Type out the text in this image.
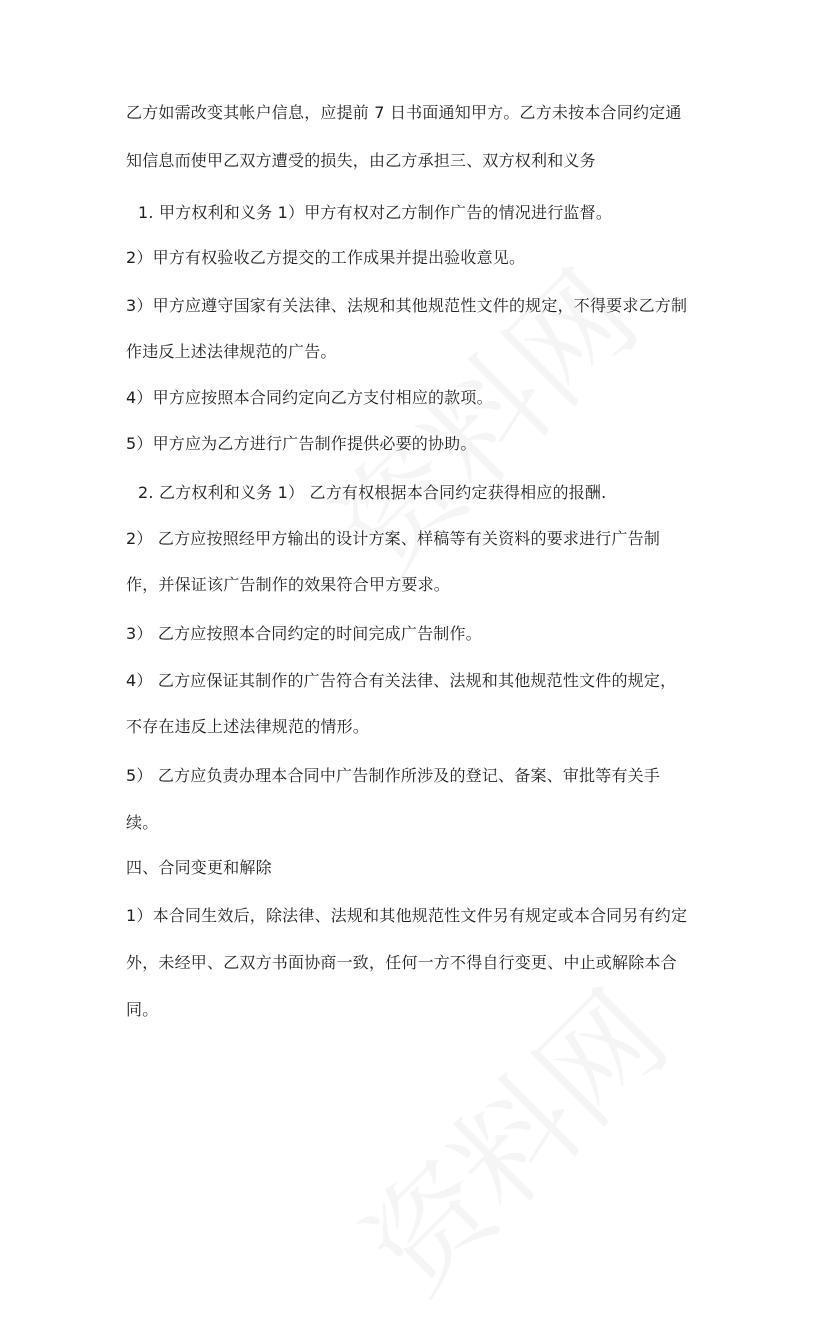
乙方如需改变其帐户信息，应提前 7 日书面通知甲方。乙方未按本合同约定通
知信息而使甲乙双方遭受的损失，由乙方承担三、双方权利和义务
1. 甲方权利和义务 1）甲方有权对乙方制作广告的情况进行监督。
2）甲方有权验收乙方提交的工作成果并提出验收意见。
3）甲方应遵守国家有关法律、法规和其他规范性文件的规定，不得要求乙方制
作违反上述法律规范的广告。
4）甲方应按照本合同约定向乙方支付相应的款项。
5）甲方应为乙方进行广告制作提供必要的协助。
2. 乙方权利和义务 1） 乙方有权根据本合同约定获得相应的报酬.
2） 乙方应按照经甲方输出的设计方案、样稿等有关资料的要求进行广告制
作，并保证该广告制作的效果符合甲方要求。
3） 乙方应按照本合同约定的时间完成广告制作。
4） 乙方应保证其制作的广告符合有关法律、法规和其他规范性文件的规定，
不存在违反上述法律规范的情形。
5） 乙方应负责办理本合同中广告制作所涉及的登记、备案、审批等有关手
续。
四、合同变更和解除
1）本合同生效后，除法律、法规和其他规范性文件另有规定或本合同另有约定
外，未经甲、乙双方书面协商一致，任何一方不得自行变更、中止或解除本合
同。
